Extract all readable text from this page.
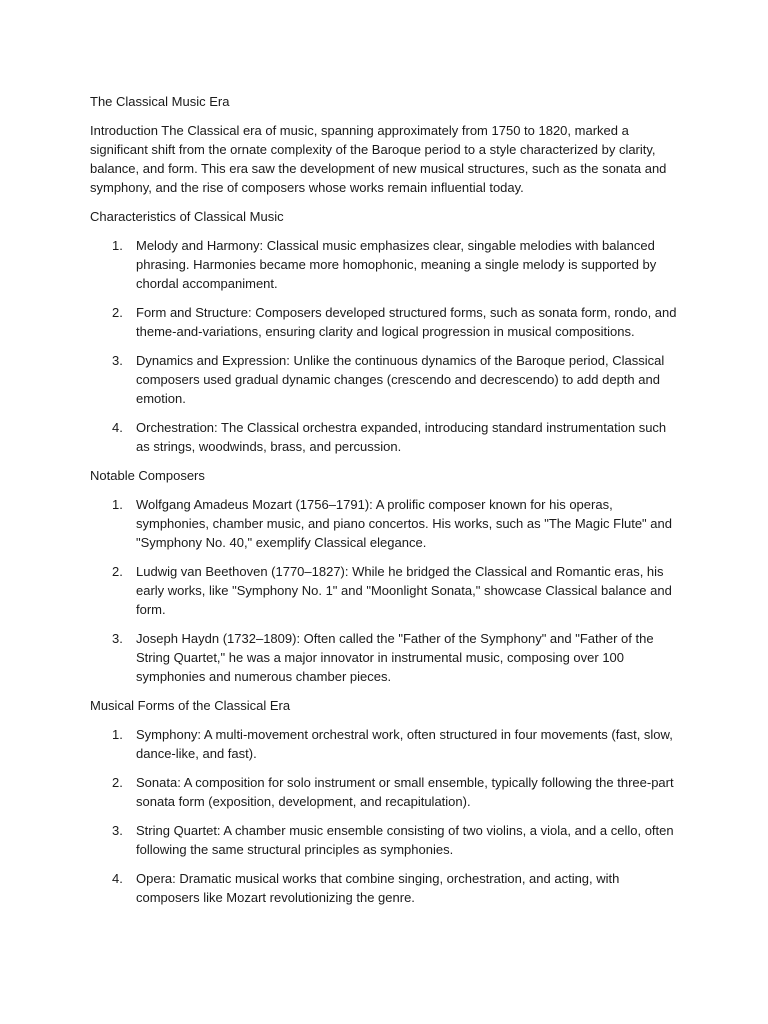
The Classical Music Era

Introduction The Classical era of music, spanning approximately from 1750 to 1820, marked a significant shift from the ornate complexity of the Baroque period to a style characterized by clarity, balance, and form. This era saw the development of new musical structures, such as the sonata and symphony, and the rise of composers whose works remain influential today.

Characteristics of Classical Music
1. Melody and Harmony: Classical music emphasizes clear, singable melodies with balanced phrasing. Harmonies became more homophonic, meaning a single melody is supported by chordal accompaniment.
2. Form and Structure: Composers developed structured forms, such as sonata form, rondo, and theme-and-variations, ensuring clarity and logical progression in musical compositions.
3. Dynamics and Expression: Unlike the continuous dynamics of the Baroque period, Classical composers used gradual dynamic changes (crescendo and decrescendo) to add depth and emotion.
4. Orchestration: The Classical orchestra expanded, introducing standard instrumentation such as strings, woodwinds, brass, and percussion.
Notable Composers
1. Wolfgang Amadeus Mozart (1756–1791): A prolific composer known for his operas, symphonies, chamber music, and piano concertos. His works, such as "The Magic Flute" and "Symphony No. 40," exemplify Classical elegance.
2. Ludwig van Beethoven (1770–1827): While he bridged the Classical and Romantic eras, his early works, like "Symphony No. 1" and "Moonlight Sonata," showcase Classical balance and form.
3. Joseph Haydn (1732–1809): Often called the "Father of the Symphony" and "Father of the String Quartet," he was a major innovator in instrumental music, composing over 100 symphonies and numerous chamber pieces.
Musical Forms of the Classical Era
1. Symphony: A multi-movement orchestral work, often structured in four movements (fast, slow, dance-like, and fast).
2. Sonata: A composition for solo instrument or small ensemble, typically following the three-part sonata form (exposition, development, and recapitulation).
3. String Quartet: A chamber music ensemble consisting of two violins, a viola, and a cello, often following the same structural principles as symphonies.
4. Opera: Dramatic musical works that combine singing, orchestration, and acting, with composers like Mozart revolutionizing the genre.
